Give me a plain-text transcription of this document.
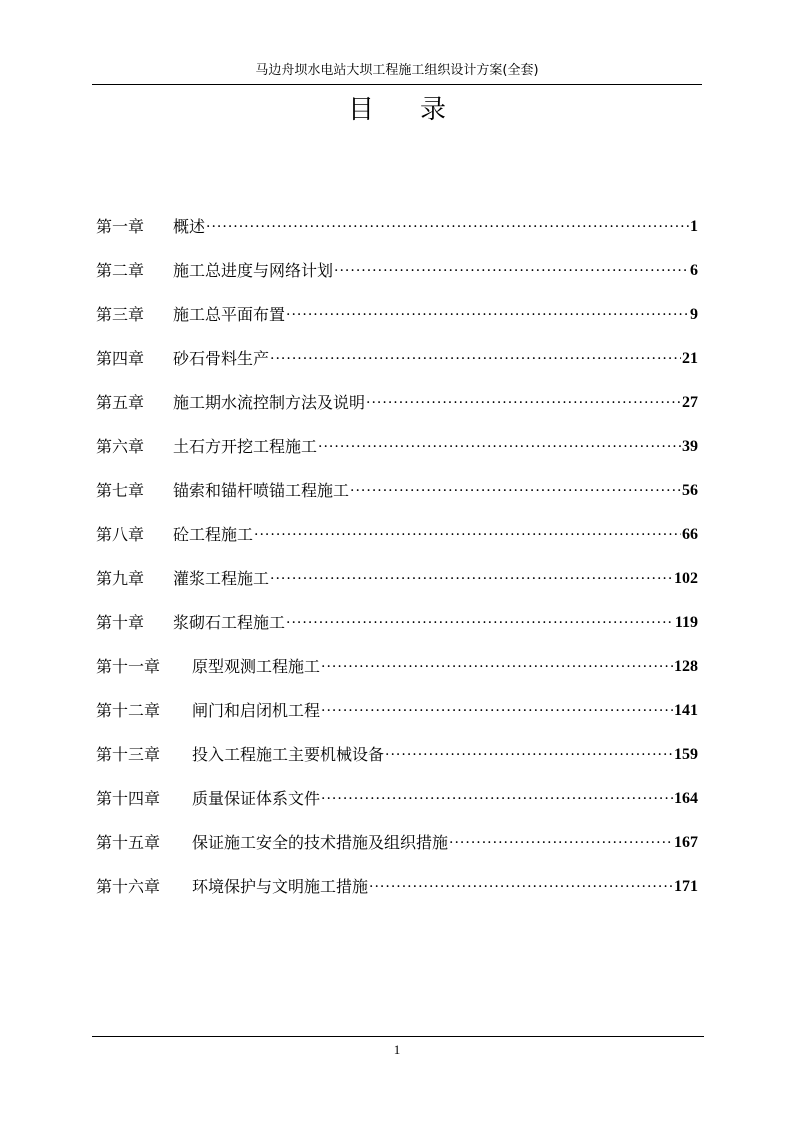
马边舟坝水电站大坝工程施工组织设计方案(全套)
目录
第一章	概述 ·····	1
第二章	施工总进度与网络计划 ·····	6
第三章	施工总平面布置 ·····	9
第四章	砂石骨料生产 ·····	21
第五章	施工期水流控制方法及说明 ·····	27
第六章	土石方开挖工程施工 ·····	39
第七章	锚索和锚杆喷锚工程施工 ·····	56
第八章	砼工程施工 ·····	66
第九章	灌浆工程施工 ·····	102
第十章	浆砌石工程施工 ·····	119
第十一章	原型观测工程施工 ·····	128
第十二章	闸门和启闭机工程 ·····	141
第十三章	投入工程施工主要机械设备 ·····	159
第十四章	质量保证体系文件 ·····	164
第十五章	保证施工安全的技术措施及组织措施 ·····	167
第十六章	环境保护与文明施工措施 ·····	171
1
